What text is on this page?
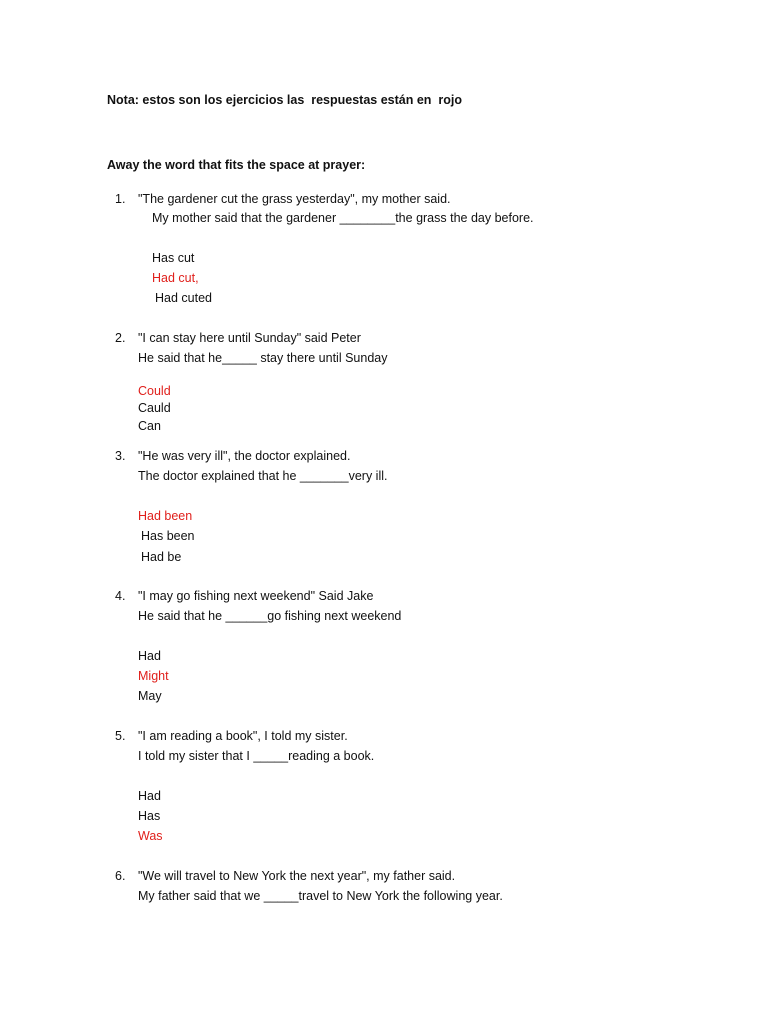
Nota: estos son los ejercicios las  respuestas están en  rojo
Away the word that fits the space at prayer:
1. "The gardener cut the grass yesterday", my mother said.
My mother said that the gardener ________the grass the day before.
Has cut
Had cut,
Had cuted
2. "I can stay here until Sunday" said Peter
He said that he_____ stay there until Sunday
Could
Cauld
Can
3. "He was very ill", the doctor explained.
The doctor explained that he _______very ill.
Had been
Has been
Had be
4. "I may go fishing next weekend" Said Jake
He said that he ______go fishing next weekend
Had
Might
May
5. "I am reading a book", I told my sister.
I told my sister that I _____reading a book.
Had
Has
Was
6. "We will travel to New York the next year", my father said.
My father said that we _____travel to New York the following year.
